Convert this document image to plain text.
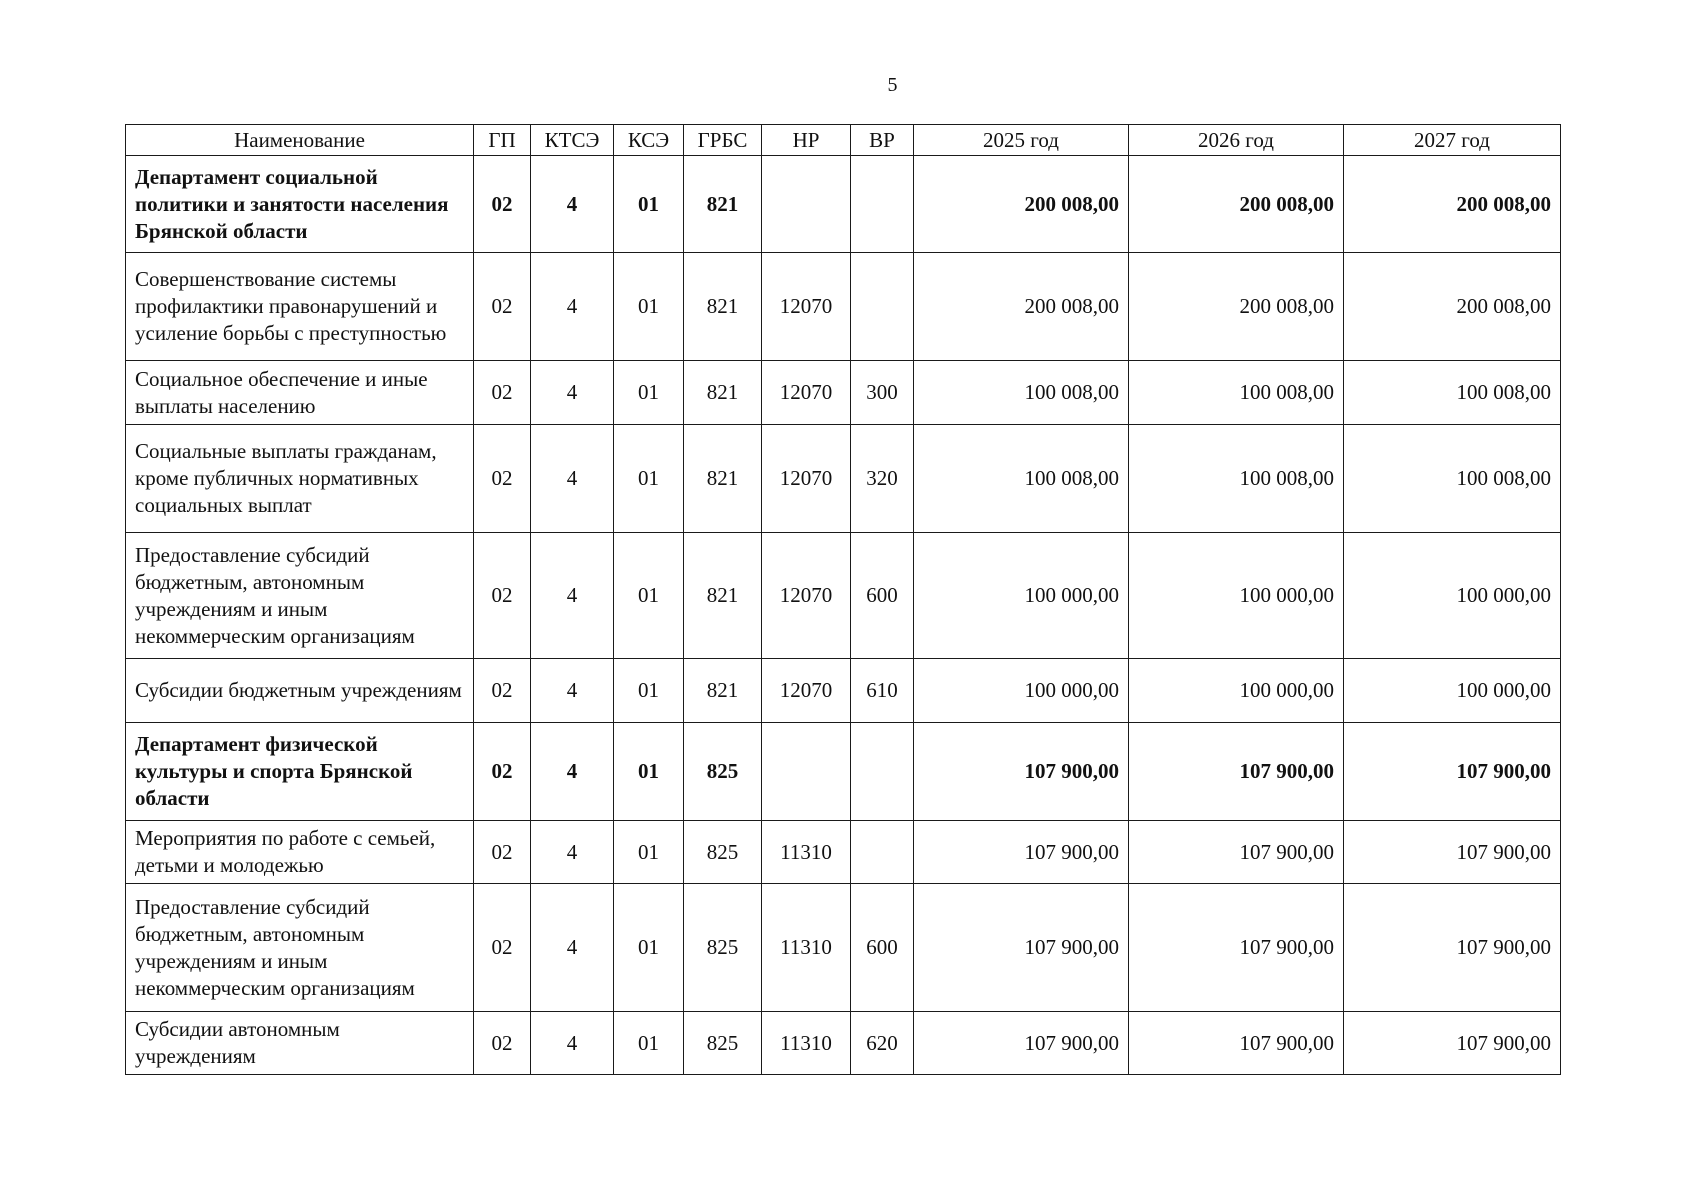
5
Наименование	ГП	КТСЭ	КСЭ	ГРБС	НР	ВР	2025 год	2026 год	2027 год
Департамент социальной политики и занятости населения Брянской области	02	4	01	821			200 008,00	200 008,00	200 008,00
Совершенствование системы профилактики правонарушений и усиление борьбы с преступностью	02	4	01	821	12070		200 008,00	200 008,00	200 008,00
Социальное обеспечение и иные выплаты населению	02	4	01	821	12070	300	100 008,00	100 008,00	100 008,00
Социальные выплаты гражданам, кроме публичных нормативных социальных выплат	02	4	01	821	12070	320	100 008,00	100 008,00	100 008,00
Предоставление субсидий бюджетным, автономным учреждениям и иным некоммерческим организациям	02	4	01	821	12070	600	100 000,00	100 000,00	100 000,00
Субсидии бюджетным учреждениям	02	4	01	821	12070	610	100 000,00	100 000,00	100 000,00
Департамент физической культуры и спорта Брянской области	02	4	01	825			107 900,00	107 900,00	107 900,00
Мероприятия по работе с семьей, детьми и молодежью	02	4	01	825	11310		107 900,00	107 900,00	107 900,00
Предоставление субсидий бюджетным, автономным учреждениям и иным некоммерческим организациям	02	4	01	825	11310	600	107 900,00	107 900,00	107 900,00
Субсидии автономным учреждениям	02	4	01	825	11310	620	107 900,00	107 900,00	107 900,00
